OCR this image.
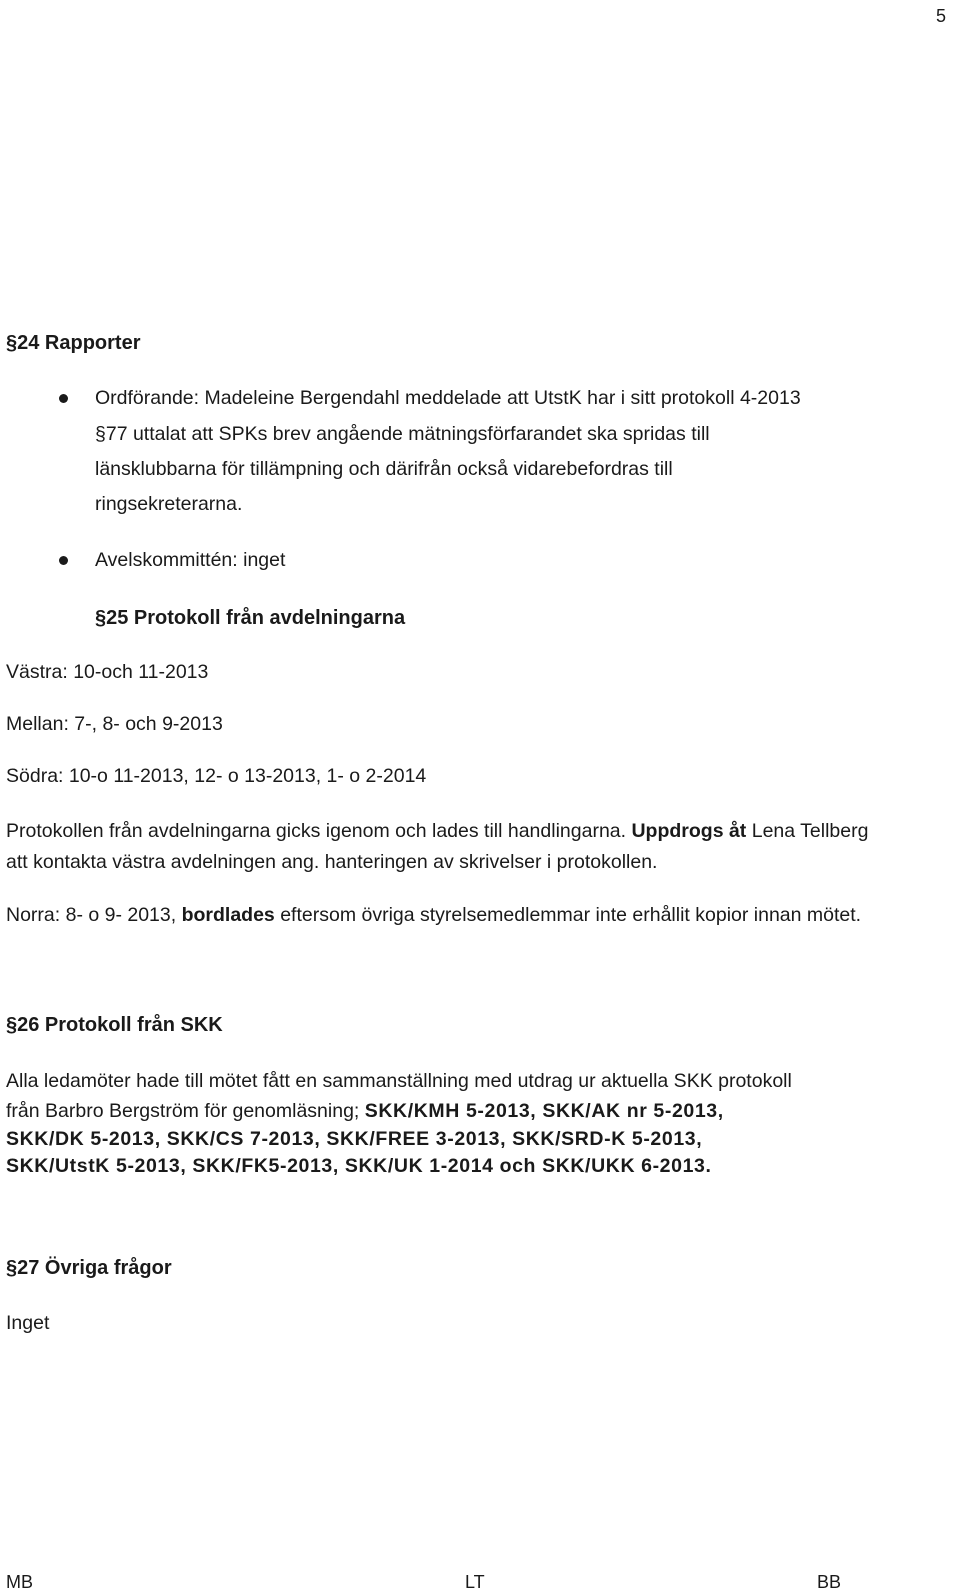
5
§24 Rapporter
Ordförande: Madeleine Bergendahl meddelade att UtstK har i sitt protokoll 4-2013
§77 uttalat att SPKs brev angående mätningsförfarandet ska spridas till
länsklubbarna för tillämpning och därifrån också vidarebefordras till
ringsekreterarna.
Avelskommittén: inget
§25 Protokoll från avdelningarna
Västra: 10-och 11-2013
Mellan: 7-, 8- och 9-2013
Södra: 10-o 11-2013, 12- o 13-2013, 1- o 2-2014
Protokollen från avdelningarna gicks igenom och lades till handlingarna. Uppdrogs åt Lena Tellberg
att kontakta västra avdelningen ang. hanteringen av skrivelser i protokollen.
Norra: 8- o 9- 2013, bordlades eftersom övriga styrelsemedlemmar inte erhållit kopior innan mötet.
§26 Protokoll från SKK
Alla ledamöter hade till mötet fått en sammanställning med utdrag ur aktuella SKK protokoll
från Barbro Bergström för genomläsning; SKK/KMH 5-2013, SKK/AK nr 5-2013,
SKK/DK 5-2013, SKK/CS 7-2013, SKK/FREE 3-2013, SKK/SRD-K 5-2013,
SKK/UtstK 5-2013, SKK/FK5-2013, SKK/UK 1-2014 och SKK/UKK 6-2013.
§27 Övriga frågor
Inget
MB	LT	BB
